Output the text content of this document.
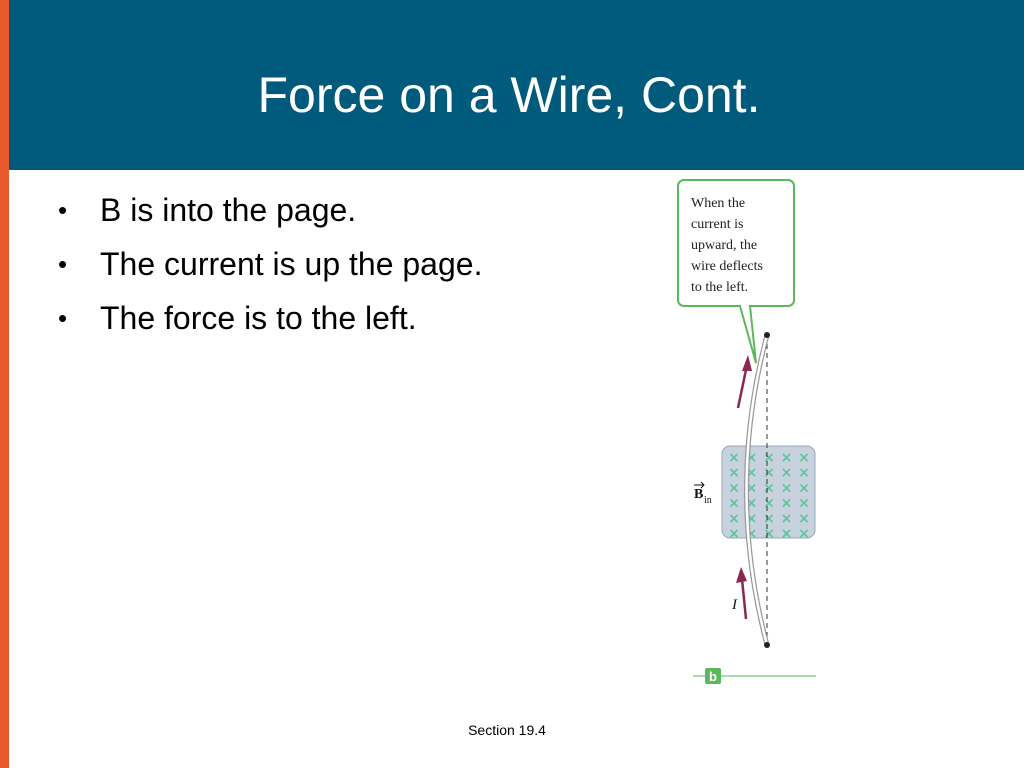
Force on a Wire, Cont.
• B is into the page.
• The current is up the page.
• The force is to the left.
When the
current is
upward, the
wire deflects
to the left.
× × × × ×
× × × × ×
× × × × ×
× × × × ×
× × × × ×
× × × × ×
B in
I
b
Section 19.4
